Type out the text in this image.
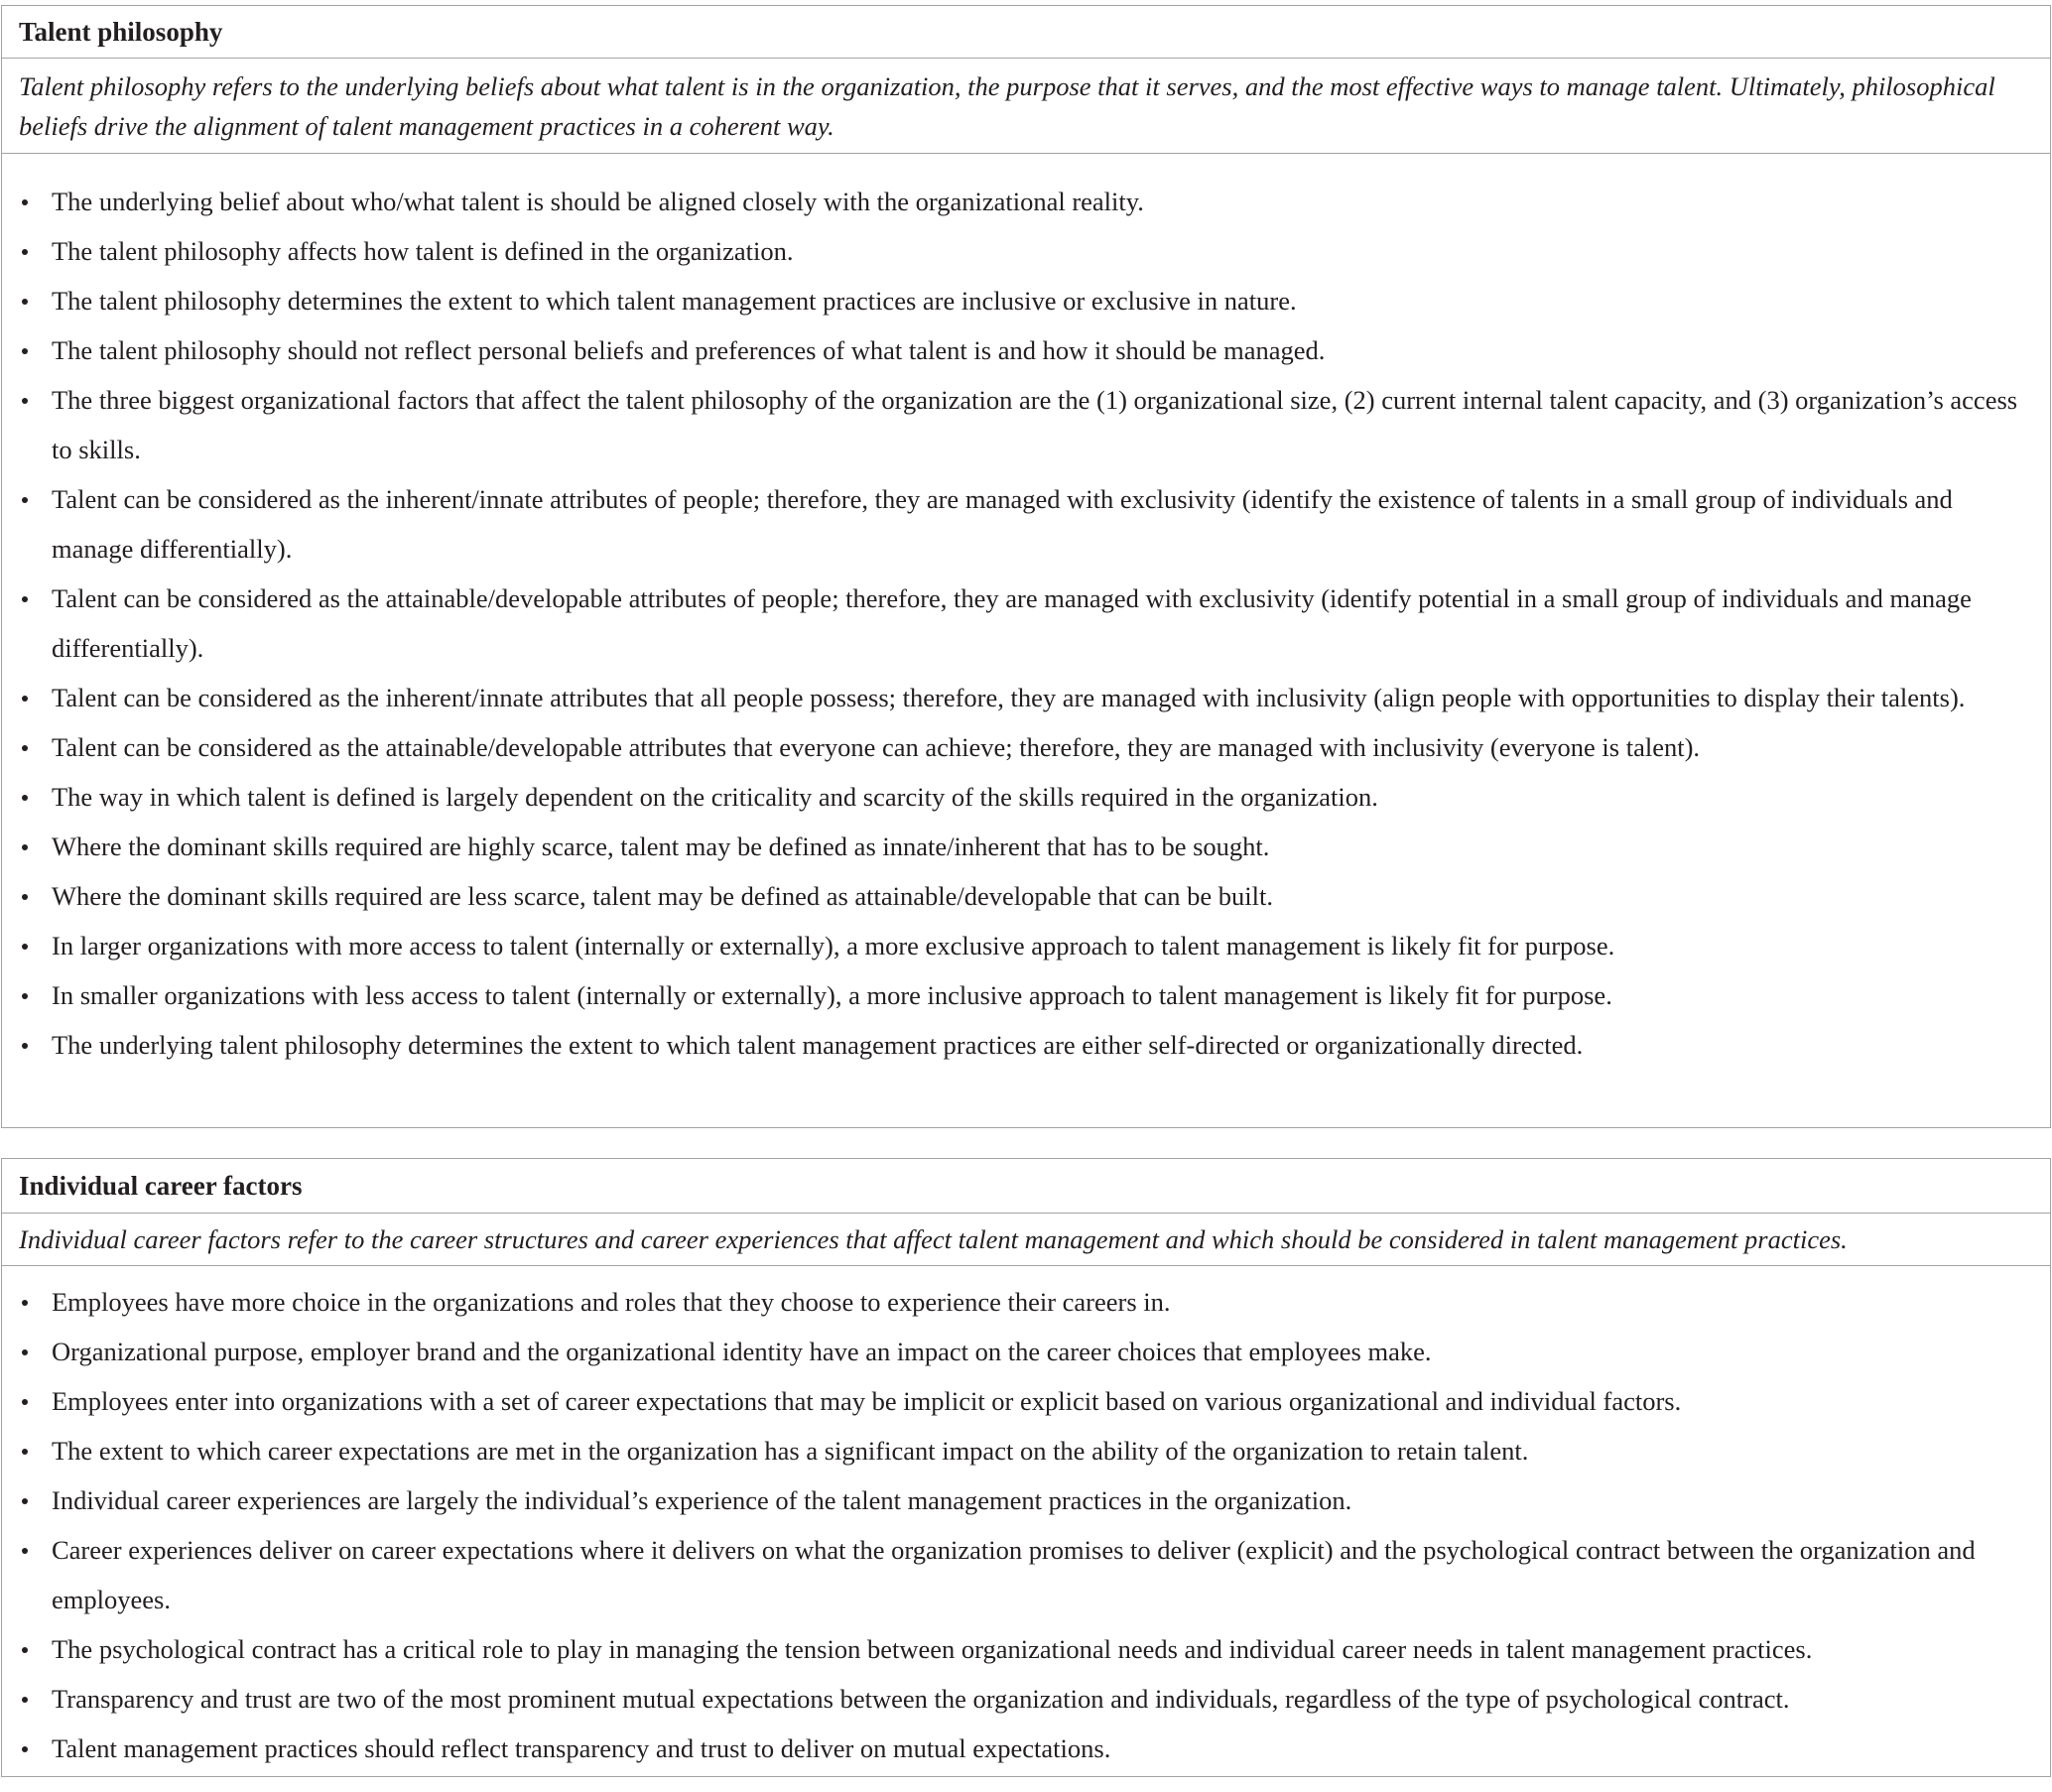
Talent philosophy
Talent philosophy refers to the underlying beliefs about what talent is in the organization, the purpose that it serves, and the most effective ways to manage talent. Ultimately, philosophical beliefs drive the alignment of talent management practices in a coherent way.
The underlying belief about who/what talent is should be aligned closely with the organizational reality.
The talent philosophy affects how talent is defined in the organization.
The talent philosophy determines the extent to which talent management practices are inclusive or exclusive in nature.
The talent philosophy should not reflect personal beliefs and preferences of what talent is and how it should be managed.
The three biggest organizational factors that affect the talent philosophy of the organization are the (1) organizational size, (2) current internal talent capacity, and (3) organization’s access to skills.
Talent can be considered as the inherent/innate attributes of people; therefore, they are managed with exclusivity (identify the existence of talents in a small group of individuals and manage differentially).
Talent can be considered as the attainable/developable attributes of people; therefore, they are managed with exclusivity (identify potential in a small group of individuals and manage differentially).
Talent can be considered as the inherent/innate attributes that all people possess; therefore, they are managed with inclusivity (align people with opportunities to display their talents).
Talent can be considered as the attainable/developable attributes that everyone can achieve; therefore, they are managed with inclusivity (everyone is talent).
The way in which talent is defined is largely dependent on the criticality and scarcity of the skills required in the organization.
Where the dominant skills required are highly scarce, talent may be defined as innate/inherent that has to be sought.
Where the dominant skills required are less scarce, talent may be defined as attainable/developable that can be built.
In larger organizations with more access to talent (internally or externally), a more exclusive approach to talent management is likely fit for purpose.
In smaller organizations with less access to talent (internally or externally), a more inclusive approach to talent management is likely fit for purpose.
The underlying talent philosophy determines the extent to which talent management practices are either self-directed or organizationally directed.
Individual career factors
Individual career factors refer to the career structures and career experiences that affect talent management and which should be considered in talent management practices.
Employees have more choice in the organizations and roles that they choose to experience their careers in.
Organizational purpose, employer brand and the organizational identity have an impact on the career choices that employees make.
Employees enter into organizations with a set of career expectations that may be implicit or explicit based on various organizational and individual factors.
The extent to which career expectations are met in the organization has a significant impact on the ability of the organization to retain talent.
Individual career experiences are largely the individual’s experience of the talent management practices in the organization.
Career experiences deliver on career expectations where it delivers on what the organization promises to deliver (explicit) and the psychological contract between the organization and employees.
The psychological contract has a critical role to play in managing the tension between organizational needs and individual career needs in talent management practices.
Transparency and trust are two of the most prominent mutual expectations between the organization and individuals, regardless of the type of psychological contract.
Talent management practices should reflect transparency and trust to deliver on mutual expectations.
